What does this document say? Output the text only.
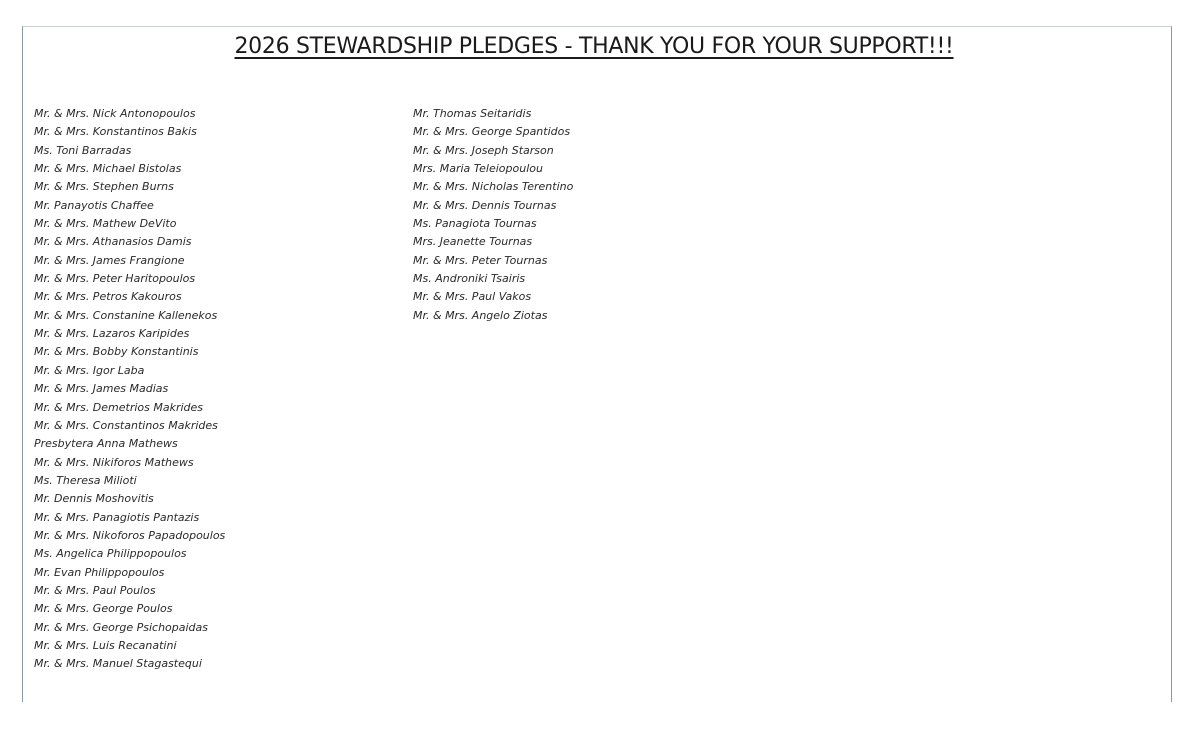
2026 STEWARDSHIP PLEDGES - THANK YOU FOR YOUR SUPPORT!!!
Mr. & Mrs. Nick Antonopoulos
Mr. & Mrs. Konstantinos Bakis
Ms. Toni Barradas
Mr. & Mrs. Michael Bistolas
Mr. & Mrs. Stephen Burns
Mr. Panayotis Chaffee
Mr. & Mrs. Mathew DeVito
Mr. & Mrs. Athanasios Damis
Mr. & Mrs. James Frangione
Mr. & Mrs. Peter Haritopoulos
Mr. & Mrs. Petros Kakouros
Mr. & Mrs. Constanine Kallenekos
Mr. & Mrs. Lazaros Karipides
Mr. & Mrs. Bobby Konstantinis
Mr. & Mrs. Igor Laba
Mr. & Mrs. James Madias
Mr. & Mrs. Demetrios Makrides
Mr. & Mrs. Constantinos Makrides
Presbytera Anna Mathews
Mr. & Mrs. Nikiforos Mathews
Ms. Theresa Milioti
Mr. Dennis Moshovitis
Mr. & Mrs. Panagiotis Pantazis
Mr. & Mrs. Nikoforos Papadopoulos
Ms. Angelica Philippopoulos
Mr. Evan Philippopoulos
Mr. & Mrs. Paul Poulos
Mr. & Mrs. George Poulos
Mr. & Mrs. George Psichopaidas
Mr. & Mrs. Luis Recanatini
Mr. & Mrs. Manuel Stagastequi
Mr. Thomas Seitaridis
Mr. & Mrs. George Spantidos
Mr. & Mrs. Joseph Starson
Mrs. Maria Teleiopoulou
Mr. & Mrs. Nicholas Terentino
Mr. & Mrs. Dennis Tournas
Ms. Panagiota Tournas
Mrs. Jeanette Tournas
Mr. & Mrs. Peter Tournas
Ms. Androniki Tsairis
Mr. & Mrs. Paul Vakos
Mr. & Mrs. Angelo Ziotas
